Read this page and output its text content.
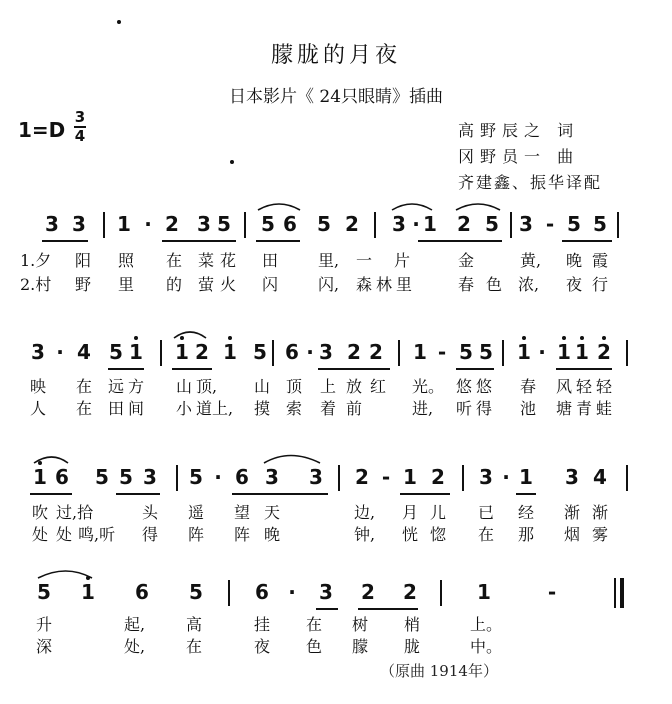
朦胧的月夜
日本影片《 24只眼睛》插曲
1=D
3
4	高野辰之 词
冈野员一 曲
齐建鑫、振华译配
3 3 1 · 2 3 5 5 6 5 2 3 · 1 2 5 3 - 5 5
1.夕 阳 照 在 菜 花 田 里, 一 片	金	黄, 晚 霞
2.村 野 里 的 萤 火 闪 闪, 森 林 里	春 色 浓, 夜 行
3 · 4 5 1 1 2 1 5 6 · 3 2 2 1 - 5 5 1 · 1 1 2
映 在 远 方 山 顶, 山 顶 上 放 红 光。 悠 悠 春 风 轻 轻
人 在 田 间 小 道上, 摸 索 着 前	进, 听 得 池 塘 青 蛙
1 6 5 5 3 5 · 6 3 3 2 - 1 2 3 · 1 3 4
吹 过,拾	头 遥 望 天	边, 月 儿 已 经 渐 渐
处 处 鸣,听 得 阵 阵 晚	钟, 恍 惚 在 那 烟 雾
5 1 6 5	6 · 3 2 2	1	-
升	起,	高	挂 在 树 梢	上。
深	处,	在	夜 色 朦 胧	中。
（原曲 1914年）
